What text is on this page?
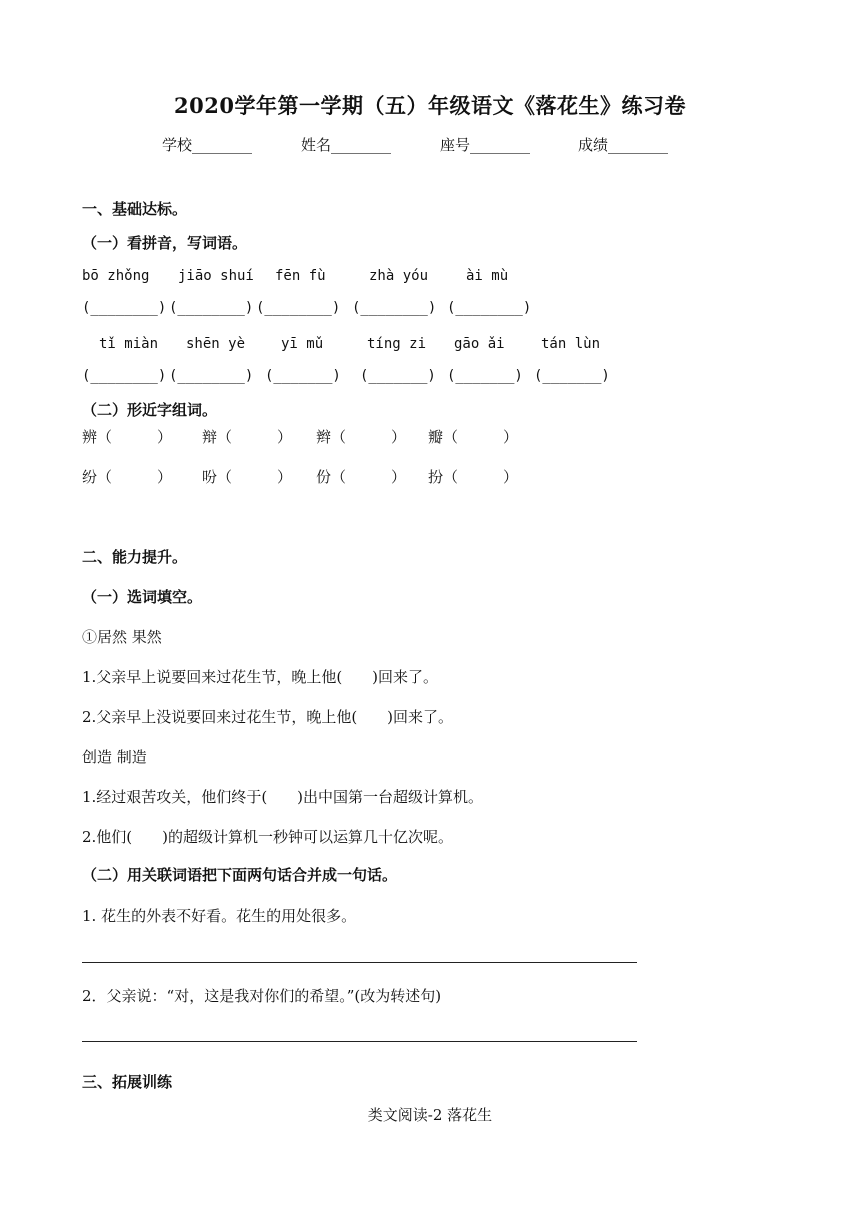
2020学年第一学期（五）年级语文《落花生》练习卷
学校________	姓名________	座号________	成绩________
一、基础达标。
（一）看拼音，写词语。
bō zhǒng jiāo shuí fēn fù	zhà yóu	ài mù
(________) (________) (________) (________) (________)
tǐ miàn shēn yè	yī mǔ	tíng zi gāo ǎi	tán lùn
(________) (________) (_______) (_______) (_______) (_______)
（二）形近字组词。
辨（　　　） 辩（　　　） 辫（　　　） 瓣（　　　）
纷（　　　） 吩（　　　） 份（　　　） 扮（　　　）
二、能力提升。
（一）选词填空。
①居然 果然
1.父亲早上说要回来过花生节，晚上他(　　)回来了。
2.父亲早上没说要回来过花生节，晚上他(　　)回来了。
创造 制造
1.经过艰苦攻关，他们终于(　　)出中国第一台超级计算机。
2.他们(　　)的超级计算机一秒钟可以运算几十亿次呢。
（二）用关联词语把下面两句话合并成一句话。
1. 花生的外表不好看。花生的用处很多。
2．父亲说：“对，这是我对你们的希望。”(改为转述句)
三、拓展训练
类文阅读-2 落花生
